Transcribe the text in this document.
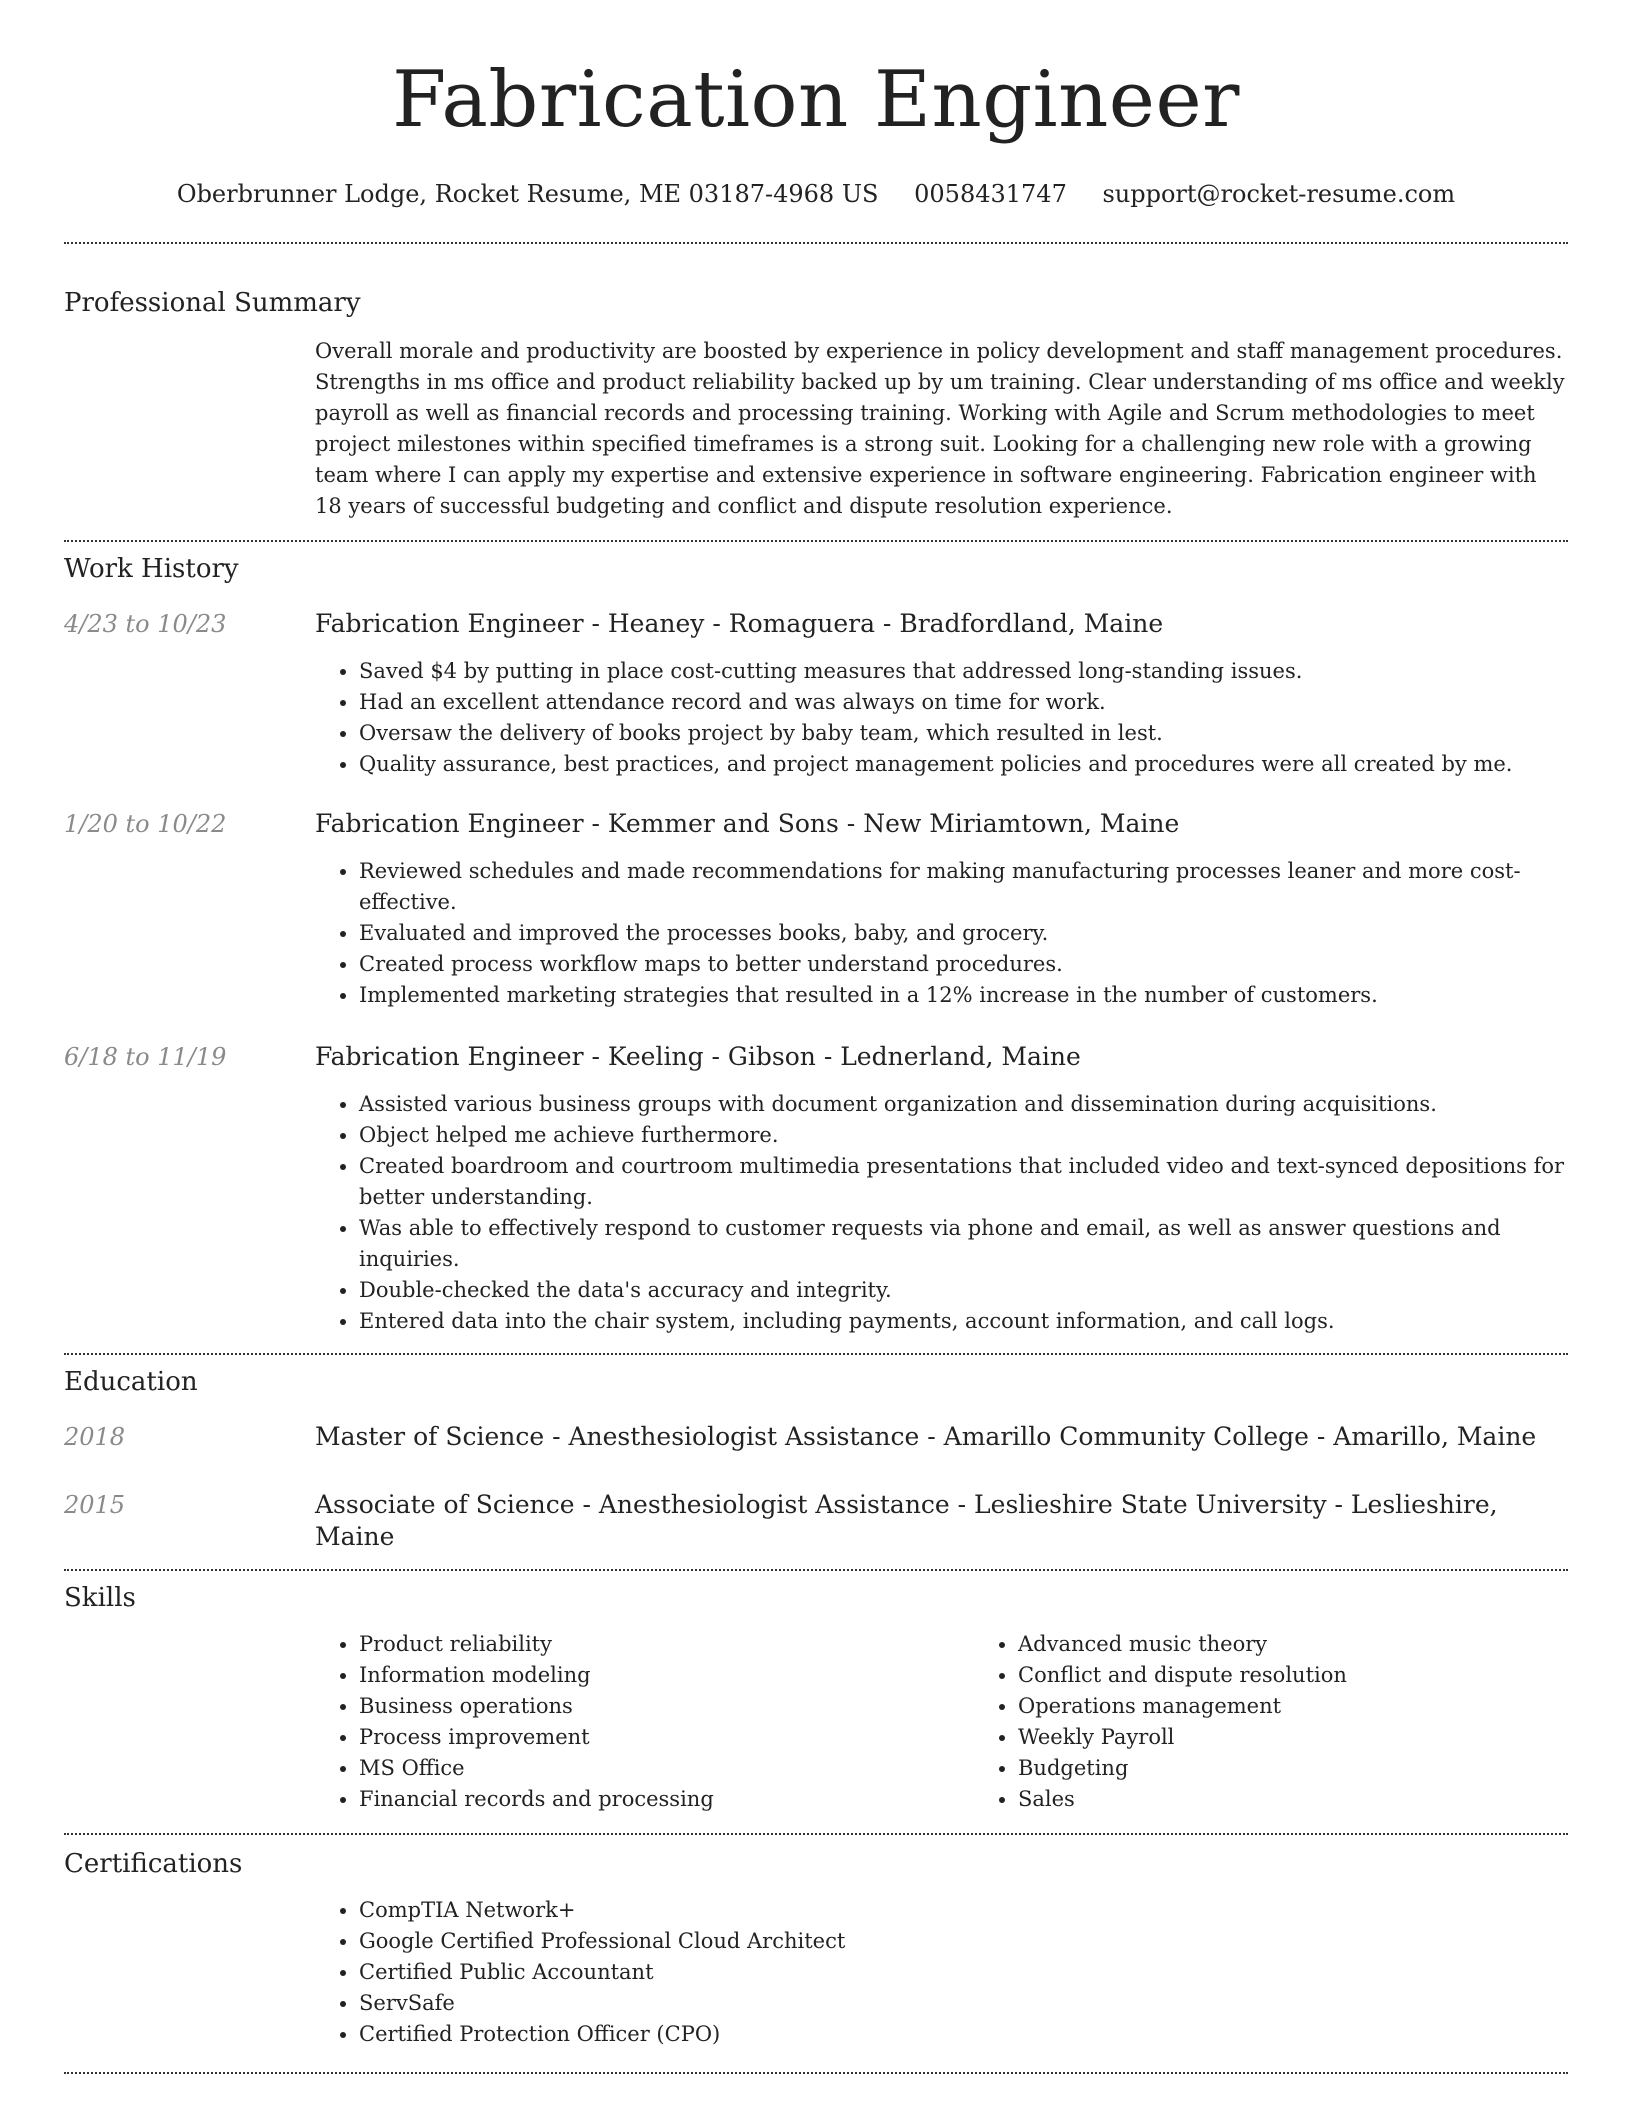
Fabrication Engineer
Oberbrunner Lodge, Rocket Resume, ME 03187-4968 US 0058431747 support@rocket-resume.com
Professional Summary

Overall morale and productivity are boosted by experience in policy development and staff management procedures. Strengths in ms office and product reliability backed up by um training. Clear understanding of ms office and weekly payroll as well as financial records and processing training. Working with Agile and Scrum methodologies to meet project milestones within specified timeframes is a strong suit. Looking for a challenging new role with a growing team where I can apply my expertise and extensive experience in software engineering. Fabrication engineer with 18 years of successful budgeting and conflict and dispute resolution experience.

Work History
4/23 to 10/23	Fabrication Engineer - Heaney - Romaguera - Bradfordland, Maine
• Saved $4 by putting in place cost-cutting measures that addressed long-standing issues.
• Had an excellent attendance record and was always on time for work.
• Oversaw the delivery of books project by baby team, which resulted in lest.
• Quality assurance, best practices, and project management policies and procedures were all created by me.
1/20 to 10/22	Fabrication Engineer - Kemmer and Sons - New Miriamtown, Maine
• Reviewed schedules and made recommendations for making manufacturing processes leaner and more cost-effective.
• Evaluated and improved the processes books, baby, and grocery.
• Created process workflow maps to better understand procedures.
• Implemented marketing strategies that resulted in a 12% increase in the number of customers.
6/18 to 11/19	Fabrication Engineer - Keeling - Gibson - Lednerland, Maine
• Assisted various business groups with document organization and dissemination during acquisitions.
• Object helped me achieve furthermore.
• Created boardroom and courtroom multimedia presentations that included video and text-synced depositions for better understanding.
• Was able to effectively respond to customer requests via phone and email, as well as answer questions and inquiries.
• Double-checked the data's accuracy and integrity.
• Entered data into the chair system, including payments, account information, and call logs.
Education
2018	Master of Science - Anesthesiologist Assistance - Amarillo Community College - Amarillo, Maine
2015	Associate of Science - Anesthesiologist Assistance - Leslieshire State University - Leslieshire, Maine
Skills
• Product reliability
• Information modeling
• Business operations
• Process improvement
• MS Office
• Financial records and processing
• Advanced music theory
• Conflict and dispute resolution
• Operations management
• Weekly Payroll
• Budgeting
• Sales
Certifications
• CompTIA Network+
• Google Certified Professional Cloud Architect
• Certified Public Accountant
• ServSafe
• Certified Protection Officer (CPO)
